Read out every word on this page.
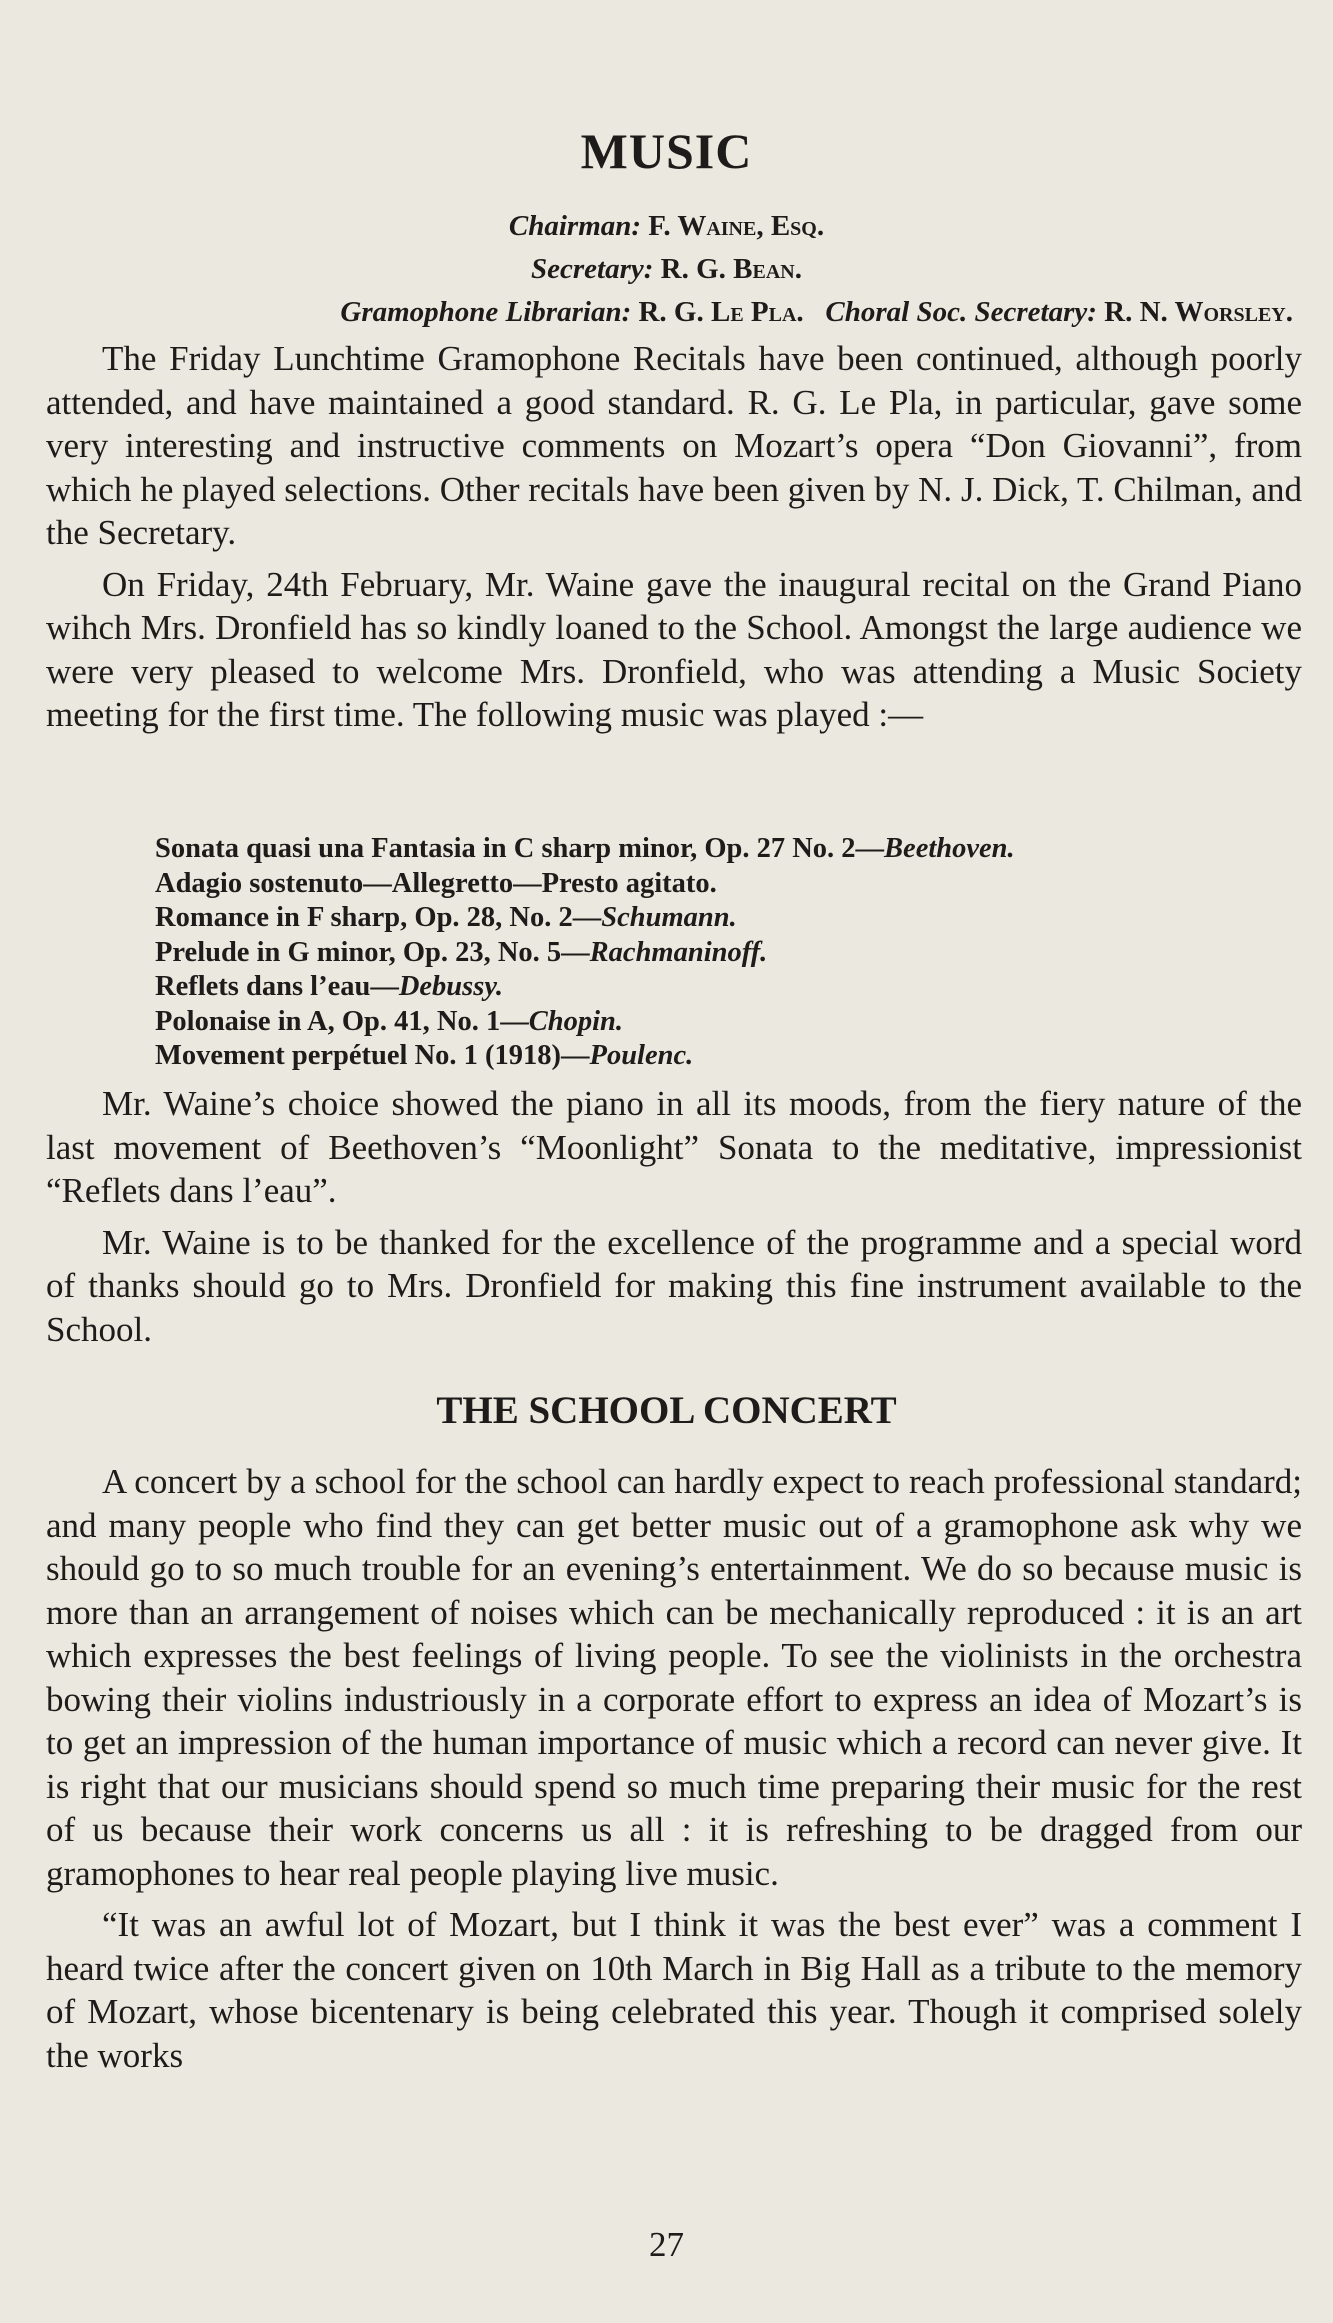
MUSIC
Chairman: F. Waine, Esq.
Secretary: R. G. Bean.
Gramophone Librarian: R. G. Le Pla. Choral Soc. Secretary: R. N. Worsley.

The Friday Lunchtime Gramophone Recitals have been continued, although poorly attended, and have maintained a good standard. R. G. Le Pla, in particular, gave some very interesting and instructive comments on Mozart’s opera “Don Giovanni”, from which he played selections. Other recitals have been given by N. J. Dick, T. Chilman, and the Secretary.

On Friday, 24th February, Mr. Waine gave the inaugural recital on the Grand Piano wihch Mrs. Dronfield has so kindly loaned to the School. Amongst the large audience we were very pleased to welcome Mrs. Dronfield, who was attending a Music Society meeting for the first time. The following music was played :—

Sonata quasi una Fantasia in C sharp minor, Op. 27 No. 2—Beethoven.
Adagio sostenuto—Allegretto—Presto agitato.
Romance in F sharp, Op. 28, No. 2—Schumann.
Prelude in G minor, Op. 23, No. 5—Rachmaninoff.
Reflets dans l’eau—Debussy.
Polonaise in A, Op. 41, No. 1—Chopin.
Movement perpétuel No. 1 (1918)—Poulenc.

Mr. Waine’s choice showed the piano in all its moods, from the fiery nature of the last movement of Beethoven’s “Moonlight” Sonata to the meditative, impressionist “Reflets dans l’eau”.

Mr. Waine is to be thanked for the excellence of the programme and a special word of thanks should go to Mrs. Dronfield for making this fine instrument available to the School.

THE SCHOOL CONCERT

A concert by a school for the school can hardly expect to reach professional standard; and many people who find they can get better music out of a gramophone ask why we should go to so much trouble for an evening’s entertainment. We do so because music is more than an arrangement of noises which can be mechanically reproduced : it is an art which expresses the best feelings of living people. To see the violinists in the orchestra bowing their violins industriously in a corporate effort to express an idea of Mozart’s is to get an impression of the human importance of music which a record can never give. It is right that our musicians should spend so much time preparing their music for the rest of us because their work concerns us all : it is refreshing to be dragged from our gramophones to hear real people playing live music.

“It was an awful lot of Mozart, but I think it was the best ever” was a comment I heard twice after the concert given on 10th March in Big Hall as a tribute to the memory of Mozart, whose bicentenary is being celebrated this year. Though it comprised solely the works

27
